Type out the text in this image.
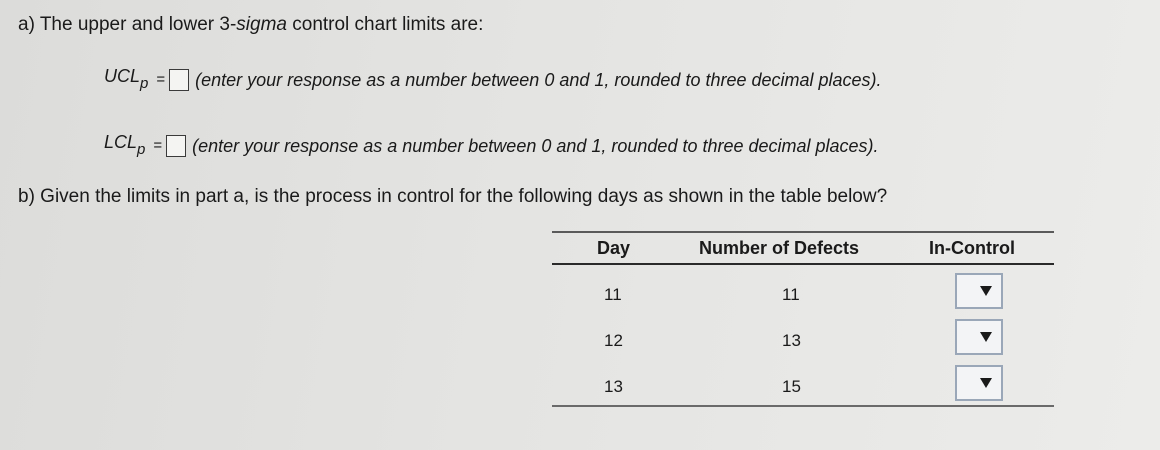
a) The upper and lower 3-sigma control chart limits are:
$UCL_p$ = (enter your response as a number between 0 and 1, rounded to three decimal places).
$LCL_p$ = (enter your response as a number between 0 and 1, rounded to three decimal places).
b) Given the limits in part a, is the process in control for the following days as shown in the table below?
Day	Number of Defects	In-Control
11	11
12	13
13	15
